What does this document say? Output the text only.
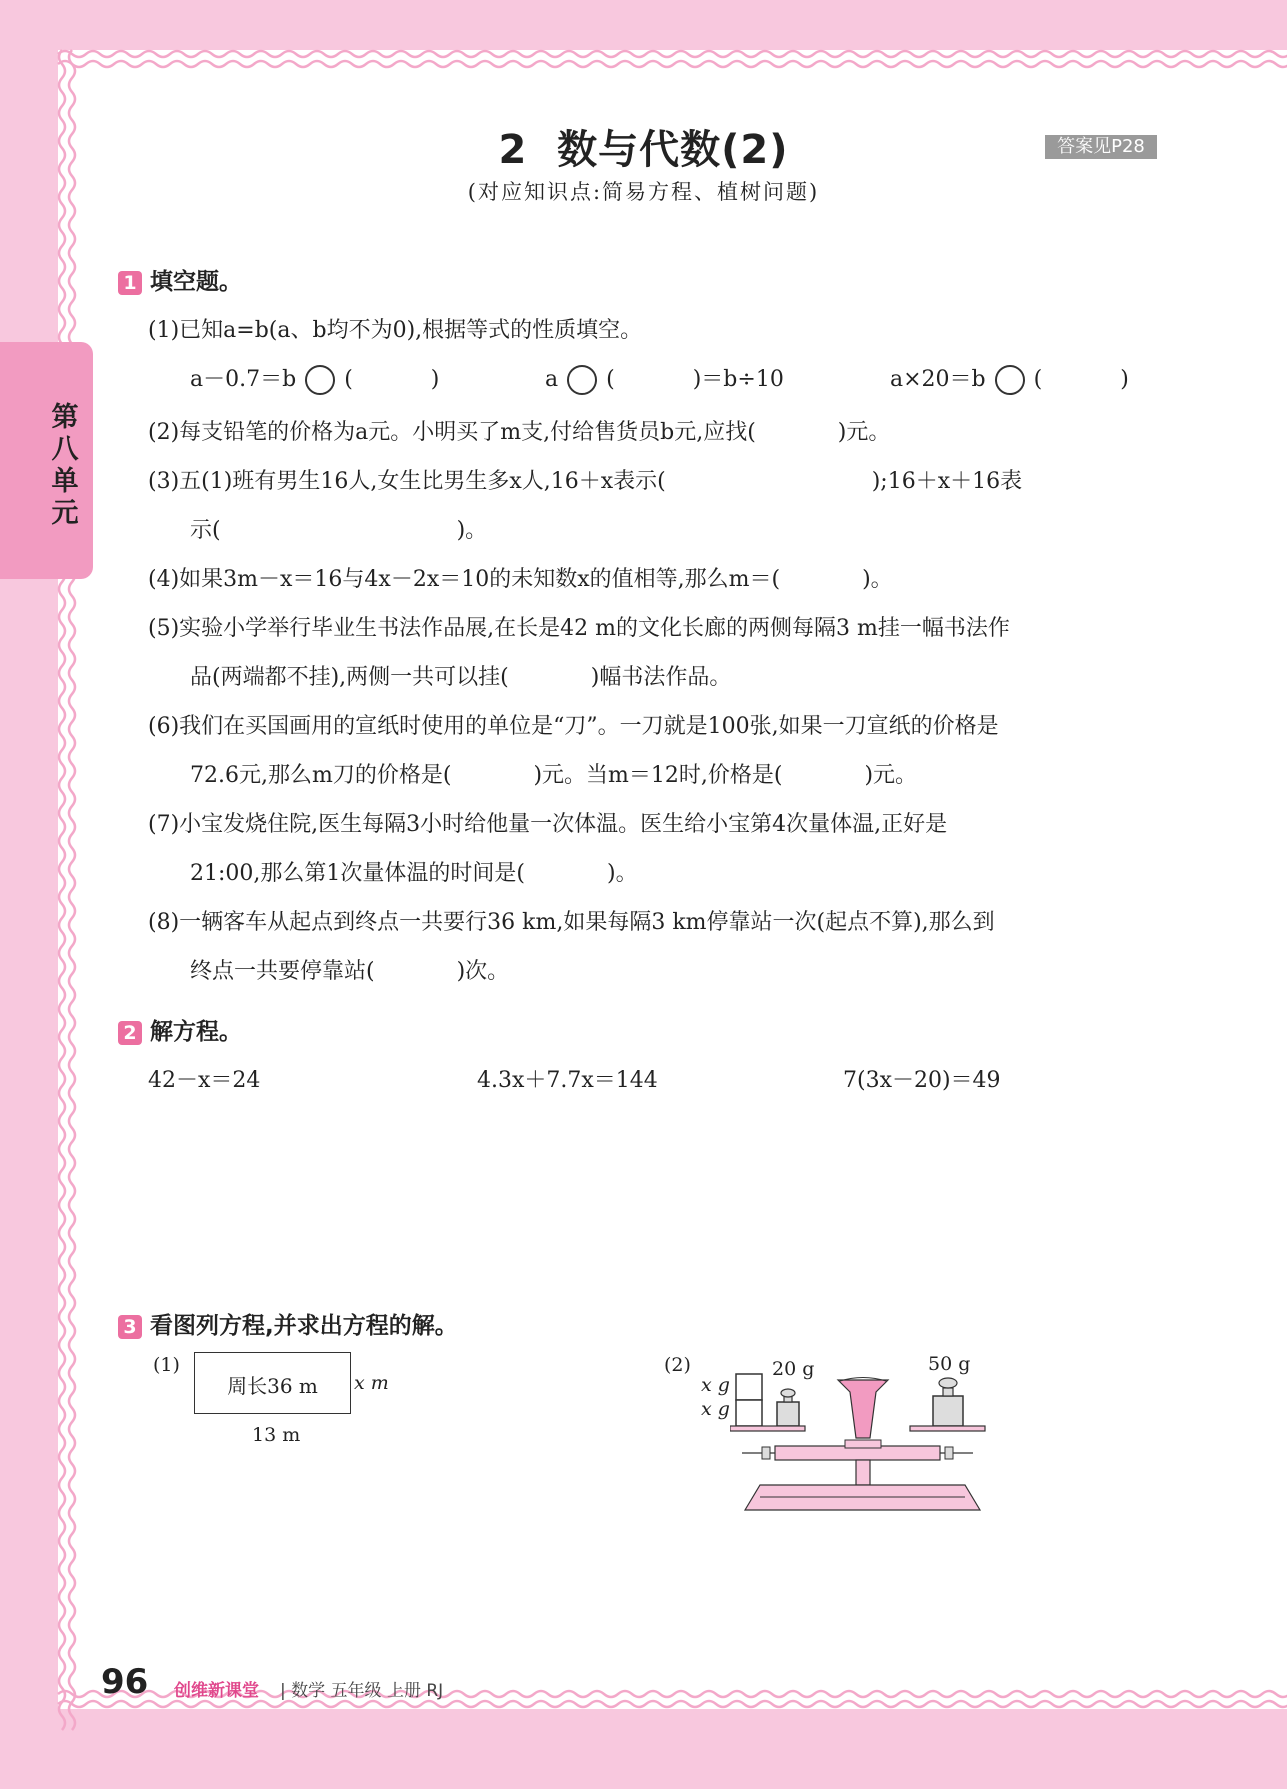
第八单元
2  数与代数(2)	答案见P28
(对应知识点:简易方程、植树问题)
1 填空题。
(1)已知a=b(a、b均不为0),根据等式的性质填空。
a－0.7＝b (	)	a (	)＝b÷10	a×20＝b (	)
(2)每支铅笔的价格为a元。小明买了m支,付给售货员b元,应找(	)元。
(3)五(1)班有男生16人,女生比男生多x人,16＋x表示(	);16＋x＋16表
示(	)。
(4)如果3m－x＝16与4x－2x＝10的未知数x的值相等,那么m＝(	)。
(5)实验小学举行毕业生书法作品展,在长是42 m的文化长廊的两侧每隔3 m挂一幅书法作
品(两端都不挂),两侧一共可以挂(	)幅书法作品。
(6)我们在买国画用的宣纸时使用的单位是“刀”。一刀就是100张,如果一刀宣纸的价格是
72.6元,那么m刀的价格是(	)元。当m＝12时,价格是(	)元。
(7)小宝发烧住院,医生每隔3小时给他量一次体温。医生给小宝第4次量体温,正好是
21:00,那么第1次量体温的时间是(	)。
(8)一辆客车从起点到终点一共要行36 km,如果每隔3 km停靠站一次(起点不算),那么到
终点一共要停靠站(	)次。
2 解方程。
42－x＝24	4.3x＋7.7x＝144	7(3x－20)＝49
3 看图列方程,并求出方程的解。
(1)
周长36 m	x m
13 m
(2)
x g
x g
20 g	50 g
96 创维新课堂 | 数学 五年级 上册 RJ
